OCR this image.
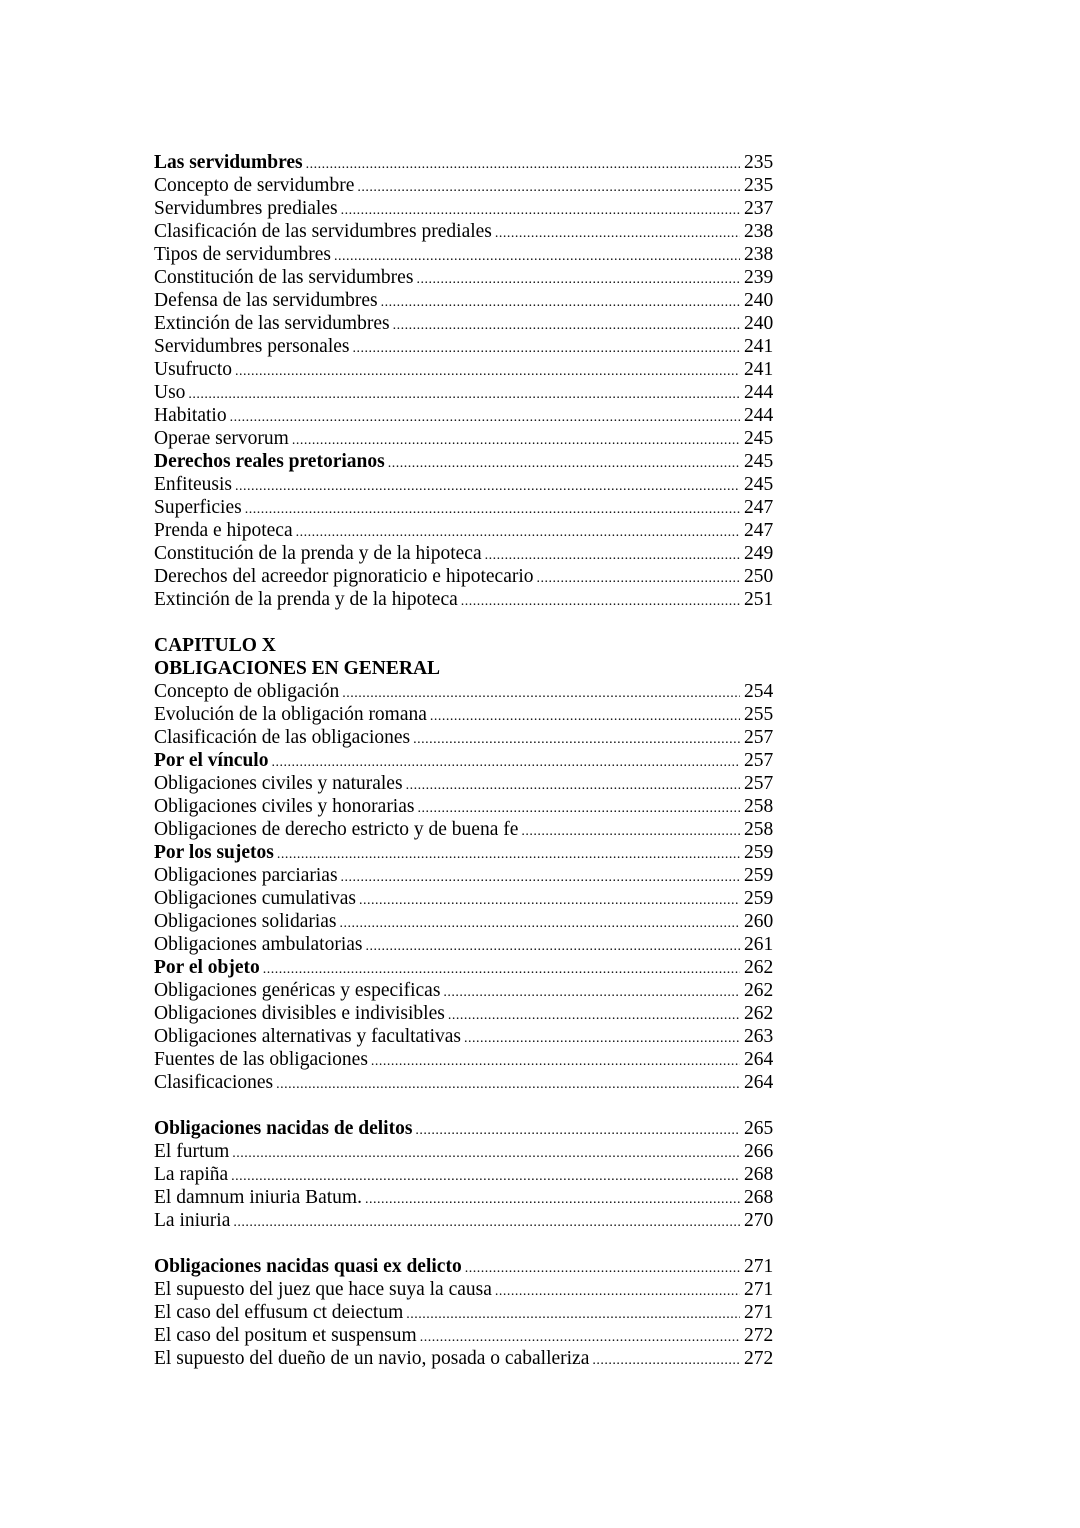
Las servidumbres .....	235
Concepto de servidumbre .....	235
Servidumbres prediales .....	237
Clasificación de las servidumbres prediales .....	238
Tipos de servidumbres .....	238
Constitución de las servidumbres .....	239
Defensa de las servidumbres .....	240
Extinción de las servidumbres .....	240
Servidumbres personales .....	241
Usufructo .....	241
Uso .....	244
Habitatio .....	244
Operae servorum .....	245
Derechos reales pretorianos .....	245
Enfiteusis .....	245
Superficies .....	247
Prenda e hipoteca .....	247
Constitución de la prenda y de la hipoteca .....	249
Derechos del acreedor pignoraticio e hipotecario .....	250
Extinción de la prenda y de la hipoteca .....	251
CAPITULO X
OBLIGACIONES EN GENERAL
Concepto de obligación .....	254
Evolución de la obligación romana .....	255
Clasificación de las obligaciones .....	257
Por el vínculo .....	257
Obligaciones civiles y naturales .....	257
Obligaciones civiles y honorarias .....	258
Obligaciones de derecho estricto y de buena fe .....	258
Por los sujetos .....	259
Obligaciones parciarias .....	259
Obligaciones cumulativas .....	259
Obligaciones solidarias .....	260
Obligaciones ambulatorias .....	261
Por el objeto .....	262
Obligaciones genéricas y especificas .....	262
Obligaciones divisibles e indivisibles .....	262
Obligaciones alternativas y facultativas .....	263
Fuentes de las obligaciones .....	264
Clasificaciones .....	264
Obligaciones nacidas de delitos .....	265
El furtum .....	266
La rapiña .....	268
El damnum iniuria Batum. .....	268
La iniuria .....	270
Obligaciones nacidas quasi ex delicto .....	271
El supuesto del juez que hace suya la causa .....	271
El caso del effusum ct deiectum .....	271
El caso del positum et suspensum .....	272
El supuesto del dueño de un navio, posada o caballeriza .....	272
